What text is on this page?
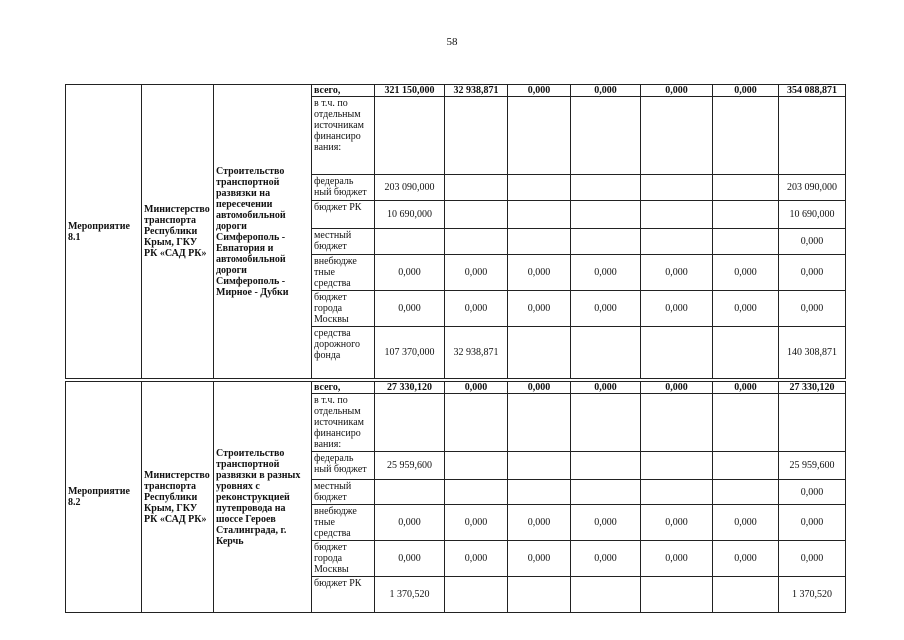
58
Мероприятие 8.1	Министерство транспорта Республики Крым, ГКУ РК «САД РК»	Строительство транспортной развязки на пересечении автомобильной дороги Симферополь - Евпатория и автомобильной дороги Симферополь - Мирное - Дубки	всего,	321 150,000	32 938,871	0,000	0,000	0,000	0,000	354 088,871
			в т.ч. по отдельным источникам финансиро вания:							
			федераль ный бюджет	203 090,000						203 090,000
			бюджет РК	10 690,000						10 690,000
			местный бюджет							0,000
			внебюдже тные средства	0,000	0,000	0,000	0,000	0,000	0,000	0,000
			бюджет города Москвы	0,000	0,000	0,000	0,000	0,000	0,000	0,000
			средства дорожного фонда	107 370,000	32 938,871					140 308,871

Мероприятие 8.2	Министерство транспорта Республики Крым, ГКУ РК «САД РК»	Строительство транспортной развязки в разных уровнях с реконструкцией путепровода на шоссе Героев Сталинграда, г. Керчь	всего,	27 330,120	0,000	0,000	0,000	0,000	0,000	27 330,120
			в т.ч. по отдельным источникам финансиро вания:							
			федераль ный бюджет	25 959,600						25 959,600
			местный бюджет							0,000
			внебюдже тные средства	0,000	0,000	0,000	0,000	0,000	0,000	0,000
			бюджет города Москвы	0,000	0,000	0,000	0,000	0,000	0,000	0,000
			бюджет РК	1 370,520						1 370,520
